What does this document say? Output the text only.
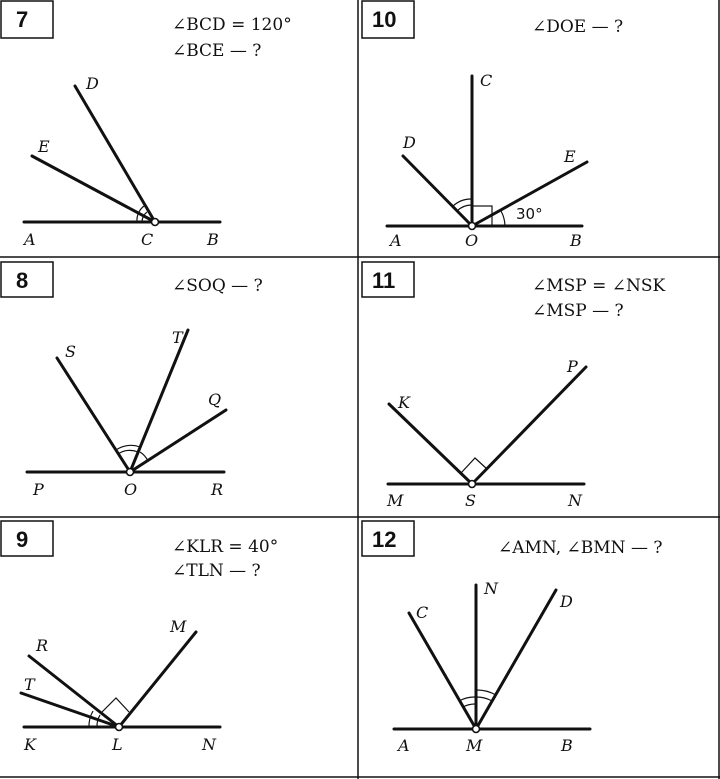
7	∠BCD = 120°
∠BCE — ?
D
E
A	C	B
10	∠DOE — ?
C
D
E
A	O	B
30°
8	∠SOQ — ?
S
T
Q
P	O	R
11	∠MSP = ∠NSK
∠MSP — ?
K
P
M	S	N
9	∠KLR = 40°
∠TLN — ?
R
M
T
K	L	N
12	∠AMN, ∠BMN — ?
N
C
D
A	M	B
